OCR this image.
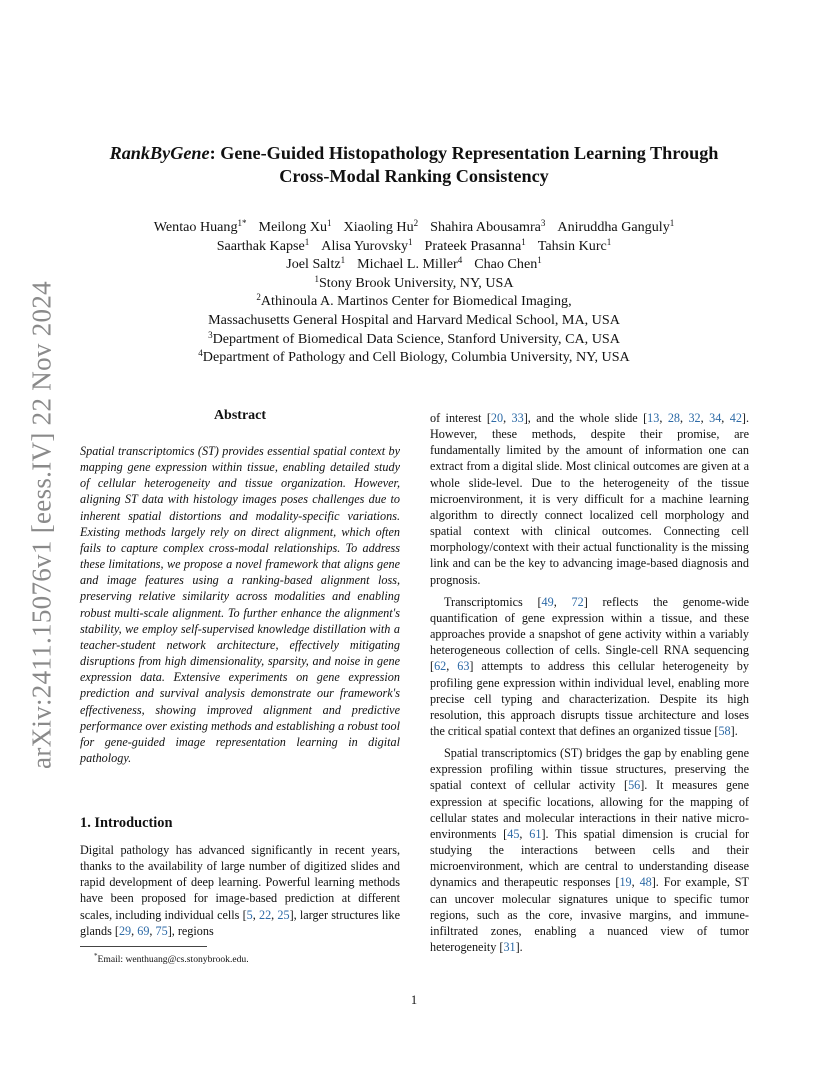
arXiv:2411.15076v1 [eess.IV] 22 Nov 2024
RankByGene: Gene-Guided Histopathology Representation Learning Through
Cross-Modal Ranking Consistency
Wentao Huang$^{1*}$ Meilong Xu$^1$ Xiaoling Hu$^2$ Shahira Abousamra$^3$ Aniruddha Ganguly$^1$
Saarthak Kapse$^1$ Alisa Yurovsky$^1$ Prateek Prasanna$^1$ Tahsin Kurc$^1$
Joel Saltz$^1$ Michael L. Miller$^4$ Chao Chen$^1$
$^1$Stony Brook University, NY, USA
$^2$Athinoula A. Martinos Center for Biomedical Imaging,
Massachusetts General Hospital and Harvard Medical School, MA, USA
$^3$Department of Biomedical Data Science, Stanford University, CA, USA
$^4$Department of Pathology and Cell Biology, Columbia University, NY, USA
Abstract

Spatial transcriptomics (ST) provides essential spatial context by mapping gene expression within tissue, enabling detailed study of cellular heterogeneity and tissue organization. However, aligning ST data with histology images poses challenges due to inherent spatial distortions and modality-specific variations. Existing methods largely rely on direct alignment, which often fails to capture complex cross-modal relationships. To address these limitations, we propose a novel framework that aligns gene and image features using a ranking-based alignment loss, preserving relative similarity across modalities and enabling robust multi-scale alignment. To further enhance the alignment's stability, we employ self-supervised knowledge distillation with a teacher-student network architecture, effectively mitigating disruptions from high dimensionality, sparsity, and noise in gene expression data. Extensive experiments on gene expression prediction and survival analysis demonstrate our framework's effectiveness, showing improved alignment and predictive performance over existing methods and establishing a robust tool for gene-guided image representation learning in digital pathology.

1. Introduction

Digital pathology has advanced significantly in recent years, thanks to the availability of large number of digitized slides and rapid development of deep learning. Powerful learning methods have been proposed for image-based prediction at different scales, including individual cells [5, 22, 25], larger structures like glands [29, 69, 75], regions

of interest [20, 33], and the whole slide [13, 28, 32, 34, 42]. However, these methods, despite their promise, are fundamentally limited by the amount of information one can extract from a digital slide. Most clinical outcomes are given at a whole slide-level. Due to the heterogeneity of the tissue microenvironment, it is very difficult for a machine learning algorithm to directly connect localized cell morphology and spatial context with clinical outcomes. Connecting cell morphology/context with their actual functionality is the missing link and can be the key to advancing image-based diagnosis and prognosis.

Transcriptomics [49, 72] reflects the genome-wide quantification of gene expression within a tissue, and these approaches provide a snapshot of gene activity within a variably heterogeneous collection of cells. Single-cell RNA sequencing [62, 63] attempts to address this cellular heterogeneity by profiling gene expression within individual level, enabling more precise cell typing and characterization. Despite its high resolution, this approach disrupts tissue architecture and loses the critical spatial context that defines an organized tissue [58].

Spatial transcriptomics (ST) bridges the gap by enabling gene expression profiling within tissue structures, preserving the spatial context of cellular activity [56]. It measures gene expression at specific locations, allowing for the mapping of cellular states and molecular interactions in their native micro-environments [45, 61]. This spatial dimension is crucial for studying the interactions between cells and their microenvironment, which are central to understanding disease dynamics and therapeutic responses [19, 48]. For example, ST can uncover molecular signatures unique to specific tumor regions, such as the core, invasive margins, and immune-infiltrated zones, enabling a nuanced view of tumor heterogeneity [31].

*Email: wenthuang@cs.stonybrook.edu.
1
